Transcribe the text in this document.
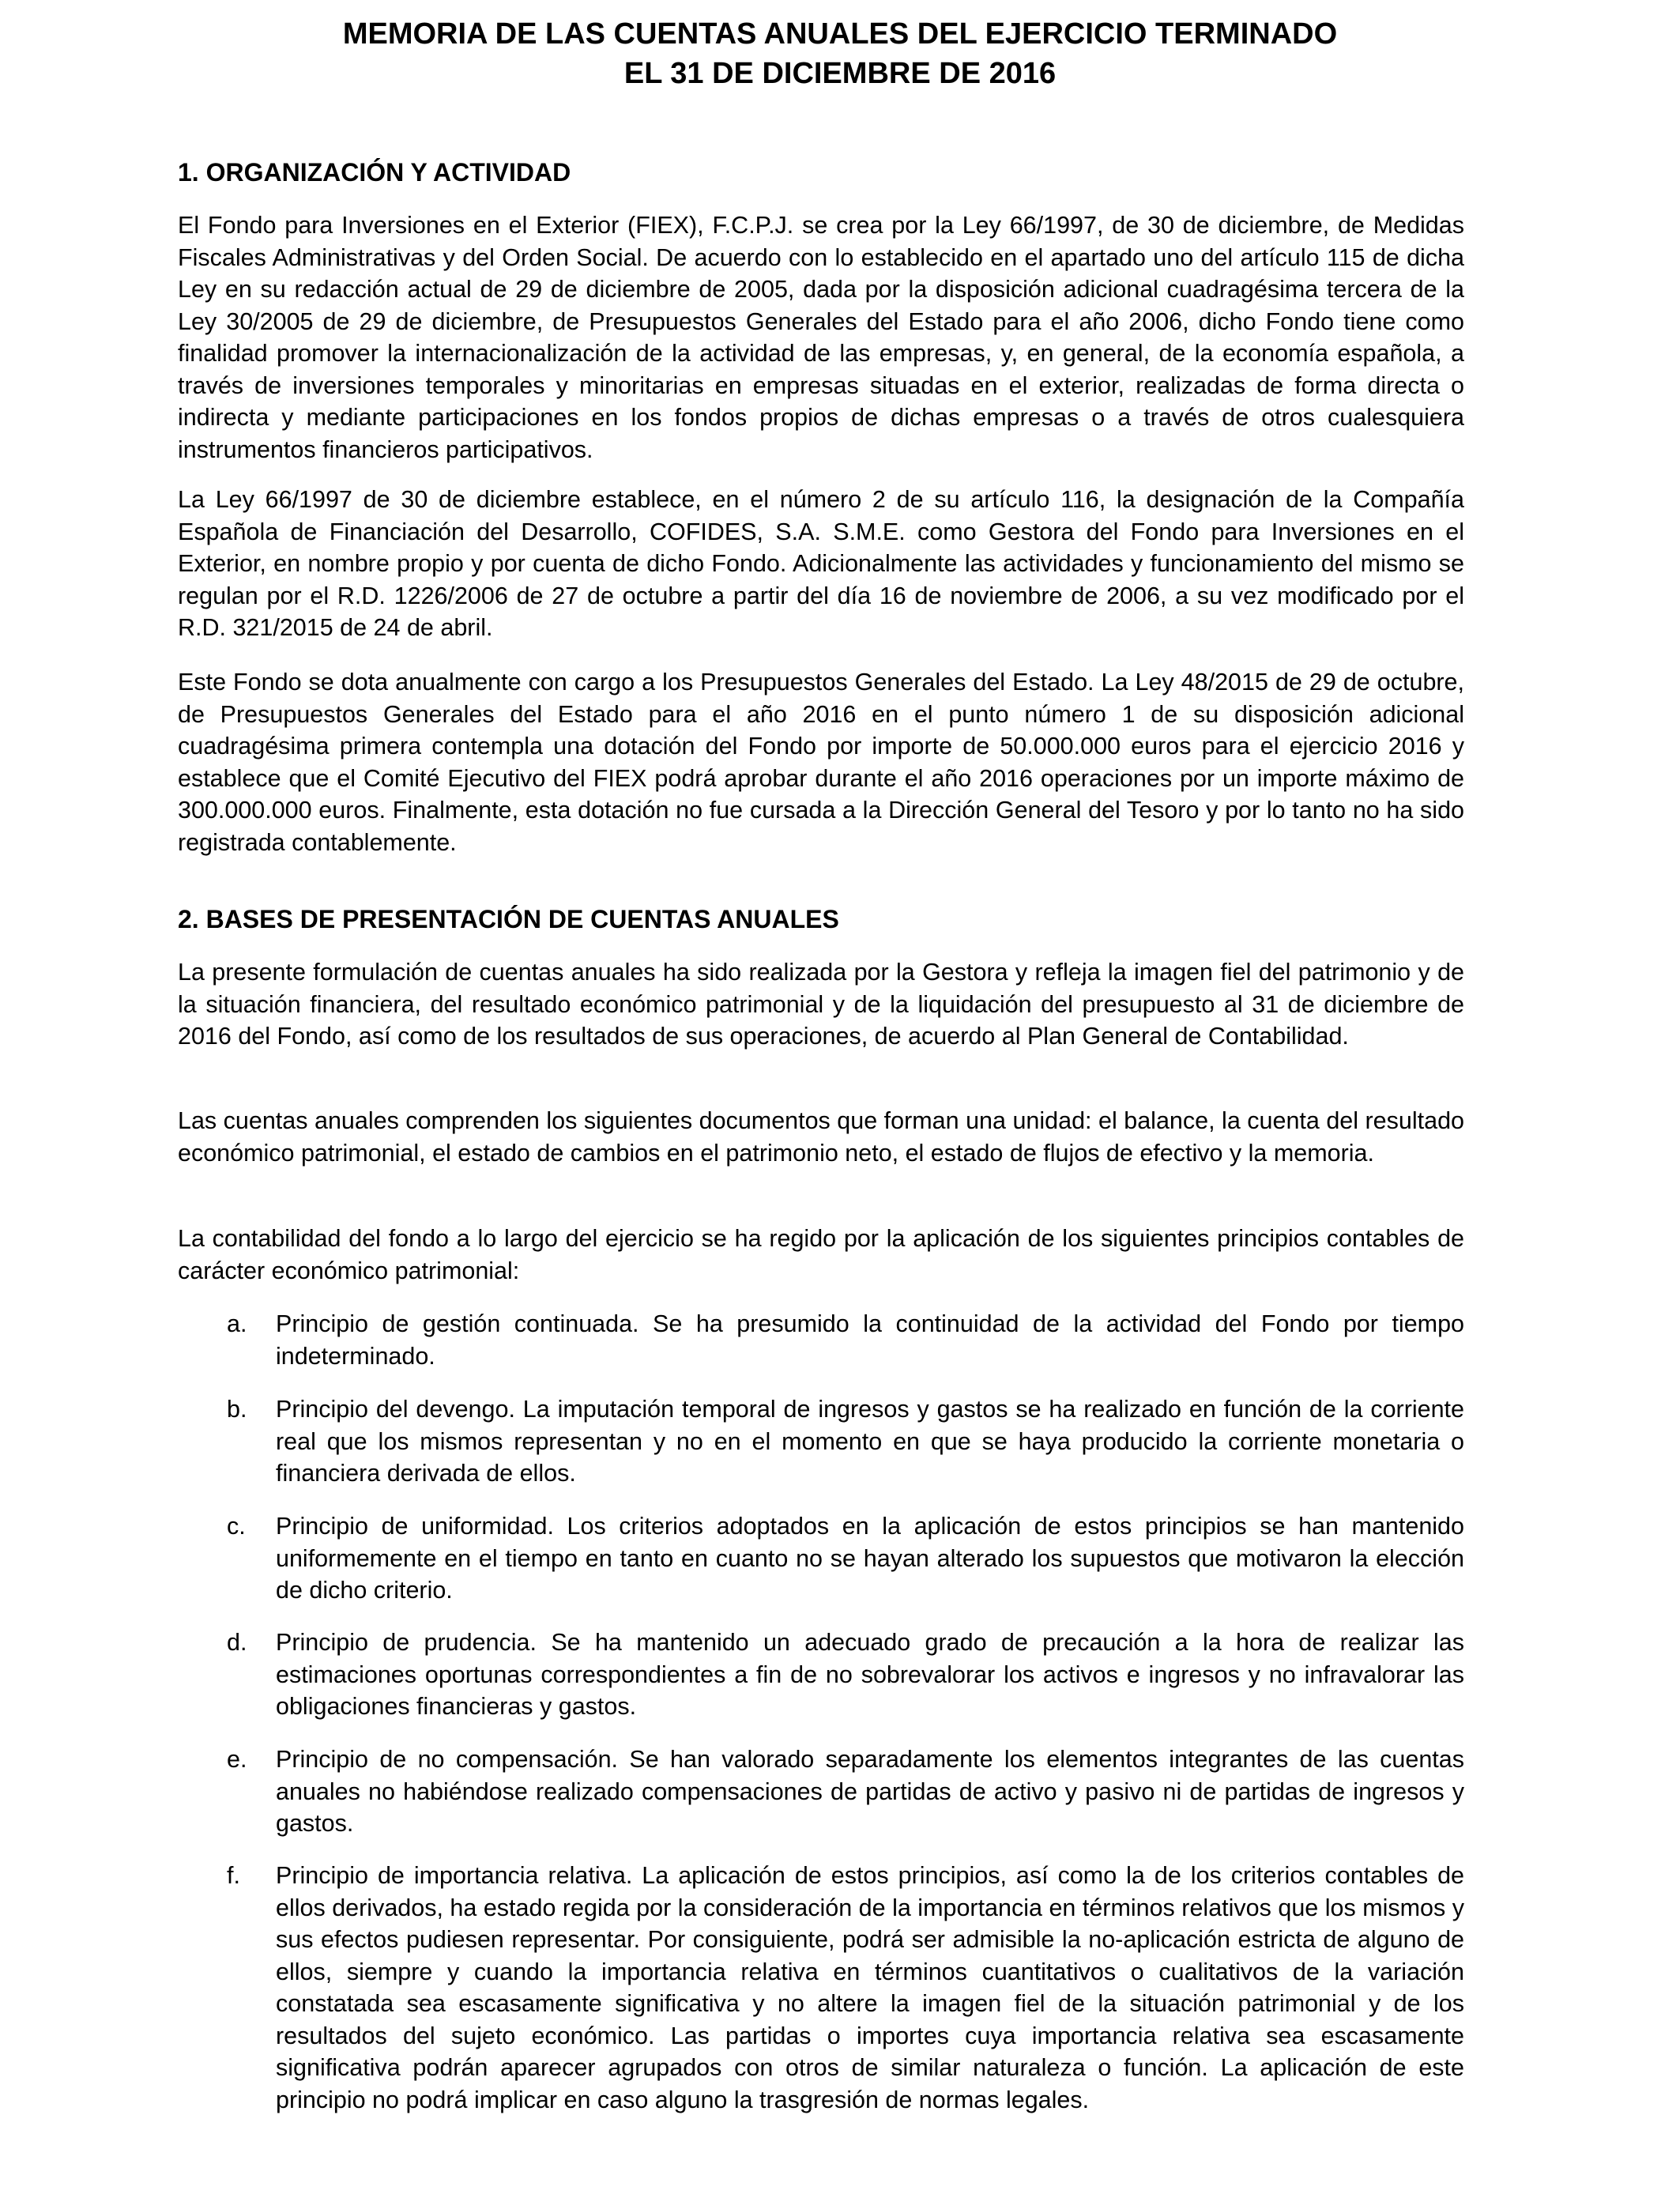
MEMORIA DE LAS CUENTAS ANUALES DEL EJERCICIO TERMINADO
EL 31 DE DICIEMBRE DE 2016
1. ORGANIZACIÓN Y ACTIVIDAD
El Fondo para Inversiones en el Exterior (FIEX), F.C.P.J. se crea por la Ley 66/1997, de 30 de diciembre, de Medidas Fiscales Administrativas y del Orden Social. De acuerdo con lo establecido en el apartado uno del artículo 115 de dicha Ley en su redacción actual de 29 de diciembre de 2005, dada por la disposición adicional cuadragésima tercera de la Ley 30/2005 de 29 de diciembre, de Presupuestos Generales del Estado para el año 2006, dicho Fondo tiene como finalidad promover la internacionalización de la actividad de las empresas, y, en general, de la economía española, a través de inversiones temporales y minoritarias en empresas situadas en el exterior, realizadas de forma directa o indirecta y mediante participaciones en los fondos propios de dichas empresas o a través de otros cualesquiera instrumentos financieros participativos.
La Ley 66/1997 de 30 de diciembre establece, en el número 2 de su artículo 116, la designación de la Compañía Española de Financiación del Desarrollo, COFIDES, S.A. S.M.E. como Gestora del Fondo para Inversiones en el Exterior, en nombre propio y por cuenta de dicho Fondo. Adicionalmente las actividades y funcionamiento del mismo se regulan por el R.D. 1226/2006 de 27 de octubre a partir del día 16 de noviembre de 2006, a su vez modificado por el R.D. 321/2015 de 24 de abril.
Este Fondo se dota anualmente con cargo a los Presupuestos Generales del Estado. La Ley 48/2015 de 29 de octubre, de Presupuestos Generales del Estado para el año 2016 en el punto número 1 de su disposición adicional cuadragésima primera contempla una dotación del Fondo por importe de 50.000.000 euros para el ejercicio 2016 y establece que el Comité Ejecutivo del FIEX podrá aprobar durante el año 2016 operaciones por un importe máximo de 300.000.000 euros. Finalmente, esta dotación no fue cursada a la Dirección General del Tesoro y por lo tanto no ha sido registrada contablemente.
2. BASES DE PRESENTACIÓN DE CUENTAS ANUALES
La presente formulación de cuentas anuales ha sido realizada por la Gestora y refleja la imagen fiel del patrimonio y de la situación financiera, del resultado económico patrimonial y de la liquidación del presupuesto al 31 de diciembre de 2016 del Fondo, así como de los resultados de sus operaciones, de acuerdo al Plan General de Contabilidad.
Las cuentas anuales comprenden los siguientes documentos que forman una unidad: el balance, la cuenta del resultado económico patrimonial, el estado de cambios en el patrimonio neto, el estado de flujos de efectivo y la memoria.
La contabilidad del fondo a lo largo del ejercicio se ha regido por la aplicación de los siguientes principios contables de carácter económico patrimonial:
a.	Principio de gestión continuada. Se ha presumido la continuidad de la actividad del Fondo por tiempo indeterminado.
b.	Principio del devengo. La imputación temporal de ingresos y gastos se ha realizado en función de la corriente real que los mismos representan y no en el momento en que se haya producido la corriente monetaria o financiera derivada de ellos.
c.	Principio de uniformidad. Los criterios adoptados en la aplicación de estos principios se han mantenido uniformemente en el tiempo en tanto en cuanto no se hayan alterado los supuestos que motivaron la elección de dicho criterio.
d.	Principio de prudencia. Se ha mantenido un adecuado grado de precaución a la hora de realizar las estimaciones oportunas correspondientes a fin de no sobrevalorar los activos e ingresos y no infravalorar las obligaciones financieras y gastos.
e.	Principio de no compensación. Se han valorado separadamente los elementos integrantes de las cuentas anuales no habiéndose realizado compensaciones de partidas de activo y pasivo ni de partidas de ingresos y gastos.
f.	Principio de importancia relativa. La aplicación de estos principios, así como la de los criterios contables de ellos derivados, ha estado regida por la consideración de la importancia en términos relativos que los mismos y sus efectos pudiesen representar. Por consiguiente, podrá ser admisible la no-aplicación estricta de alguno de ellos, siempre y cuando la importancia relativa en términos cuantitativos o cualitativos de la variación constatada sea escasamente significativa y no altere la imagen fiel de la situación patrimonial y de los resultados del sujeto económico. Las partidas o importes cuya importancia relativa sea escasamente significativa podrán aparecer agrupados con otros de similar naturaleza o función. La aplicación de este principio no podrá implicar en caso alguno la trasgresión de normas legales.
